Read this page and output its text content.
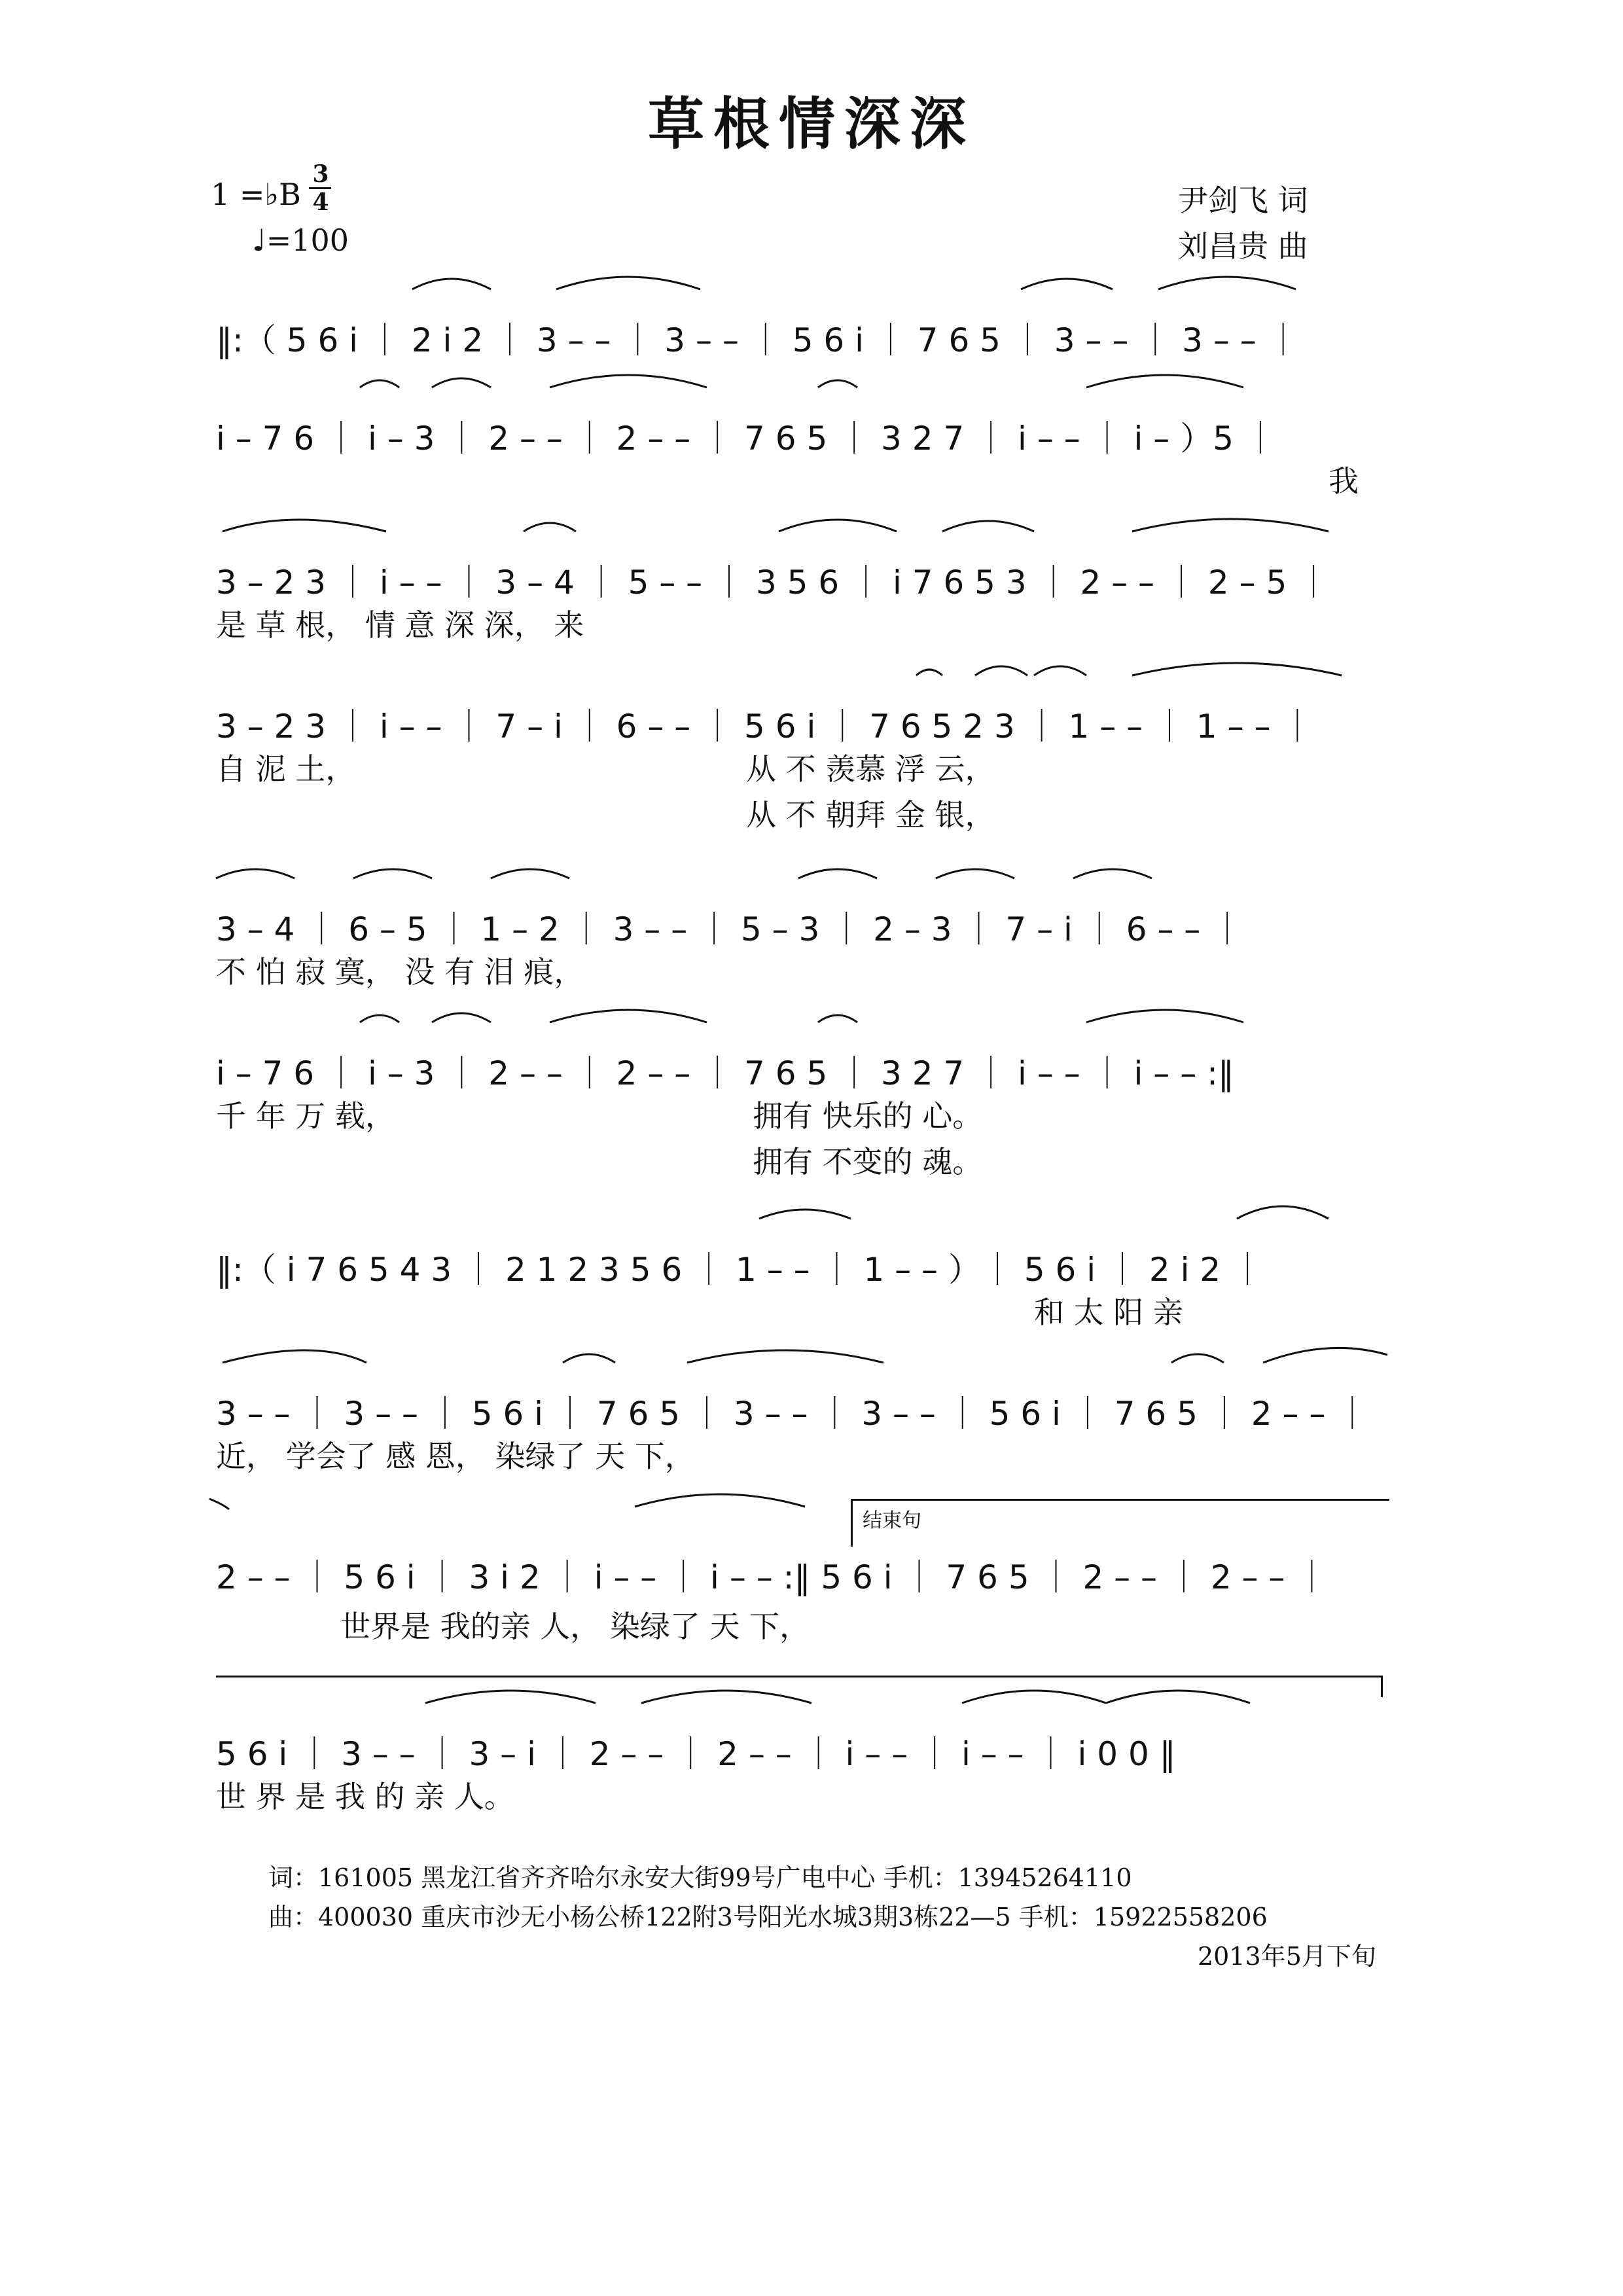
草根情深深
1 =♭B
3
4
♩=100
尹剑飞 词
刘昌贵 曲
‖:（ 5 6 i ｜ 2 i 2 ｜ 3 – – ｜ 3 – – ｜ 5 6 i ｜ 7 6 5 ｜ 3 – – ｜ 3 – – ｜
i – 7 6 ｜ i – 3 ｜ 2 – – ｜ 2 – – ｜ 7 6 5 ｜ 3 2 7 ｜ i – – ｜ i – ）5 ｜
我
3 – 2 3 ｜ i – – ｜ 3 – 4 ｜ 5 – – ｜ 3 5 6 ｜ i 7 6 5 3 ｜ 2 – – ｜ 2 – 5 ｜
是 草 根， 情 意 深 深， 来
3 – 2 3 ｜ i – – ｜ 7 – i ｜ 6 – – ｜ 5 6 i ｜ 7 6 5 2 3 ｜ 1 – – ｜ 1 – – ｜
自 泥 土，	从 不 羡慕 浮 云，
从 不 朝拜 金 银，
3 – 4 ｜ 6 – 5 ｜ 1 – 2 ｜ 3 – – ｜ 5 – 3 ｜ 2 – 3 ｜ 7 – i ｜ 6 – – ｜
不 怕 寂 寞， 没 有 泪 痕，
i – 7 6 ｜ i – 3 ｜ 2 – – ｜ 2 – – ｜ 7 6 5 ｜ 3 2 7 ｜ i – – ｜ i – – :‖
千 年 万 载，	拥有 快乐的 心。
拥有 不变的 魂。
‖:（ i 7 6 5 4 3 ｜ 2 1 2 3 5 6 ｜ 1 – – ｜ 1 – – ）｜ 5 6 i ｜ 2 i 2 ｜
和 太 阳 亲
3 – – ｜ 3 – – ｜ 5 6 i ｜ 7 6 5 ｜ 3 – – ｜ 3 – – ｜ 5 6 i ｜ 7 6 5 ｜ 2 – – ｜
近， 学会了 感 恩， 染绿了 天 下，
结束句
2 – – ｜ 5 6 i ｜ 3 i 2 ｜ i – – ｜ i – – :‖ 5 6 i ｜ 7 6 5 ｜ 2 – – ｜ 2 – – ｜
世界是 我的亲 人， 染绿了 天 下，
5 6 i ｜ 3 – – ｜ 3 – i ｜ 2 – – ｜ 2 – – ｜ i – – ｜ i – – ｜ i 0 0 ‖
世 界 是 我 的 亲 人。
词：161005 黑龙江省齐齐哈尔永安大街99号广电中心 手机：13945264110
曲：400030 重庆市沙无小杨公桥122附3号阳光水城3期3栋22—5 手机：15922558206
2013年5月下旬
